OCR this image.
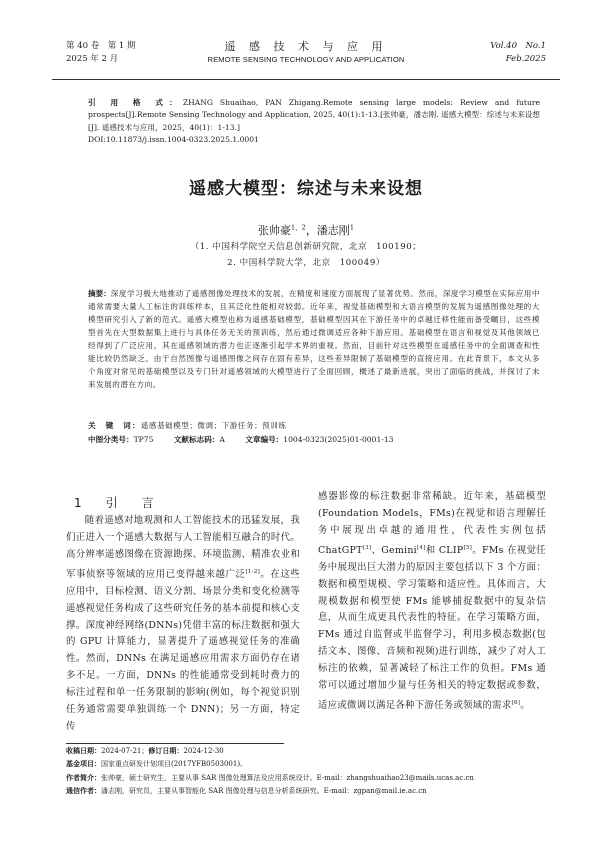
第 40 卷　第 1 期
2025 年 2 月
遥 感 技 术 与 应 用
REMOTE SENSING TECHNOLOGY AND APPLICATION
Vol.40　No.1
Feb.2025
引 用 格 式：ZHANG Shuaihao, PAN Zhigang.Remote sensing large models: Review and future prospects[J].Remote Sensing Technology and Application, 2025, 40(1):1-13.[张帅豪，潘志刚. 遥感大模型：综述与未来设想[J]. 遥感技术与应用，2025，40(1)：1-13.]
DOI:10.11873/j.issn.1004-0323.2025.1.0001
遥感大模型：综述与未来设想
张帅豪$^{1,2}$，潘志刚$^1$
（1. 中国科学院空天信息创新研究院，北京　100190；
2. 中国科学院大学，北京　100049）
摘要：深度学习极大地推动了遥感图像处理技术的发展，在精度和速度方面展现了显著优势。然而，深度学习模型在实际应用中通常需要大量人工标注的训练样本，且其泛化性能相对较弱。近年来，视觉基础模型和大语言模型的发展为遥感图像处理的大模型研究引入了新的范式。遥感大模型也称为遥感基础模型，基础模型因其在下游任务中的卓越迁移性能而备受瞩目，这些模型首先在大型数据集上进行与具体任务无关的预训练，然后通过微调适应各种下游应用。基础模型在语言和视觉及其他领域已经得到了广泛应用，其在遥感领域的潜力也正逐渐引起学术界的重视。然而，目前针对这些模型在遥感任务中的全面调查和性能比较仍然缺乏。由于自然图像与遥感图像之间存在固有差异，这些差异限制了基础模型的直接应用。在此背景下，本文从多个角度对常见的基础模型以及专门针对遥感领域的大模型进行了全面回顾，概述了最新进展，突出了面临的挑战，并探讨了未来发展的潜在方向。
关　键　词：遥感基础模型；微调；下游任务；预训练
中图分类号：TP75	文献标志码：A	文章编号：1004-0323(2025)01-0001-13
1　引　言
随着遥感对地观测和人工智能技术的迅猛发展，我们正进入一个遥感大数据与人工智能相互融合的时代。高分辨率遥感图像在资源勘探、环境监测、精准农业和军事侦察等领域的应用已变得越来越广泛[1-2]。在这些应用中，目标检测、语义分割、场景分类和变化检测等遥感视觉任务构成了这些研究任务的基本前提和核心支撑。深度神经网络(DNNs)凭借丰富的标注数据和强大的 GPU 计算能力，显著提升了遥感视觉任务的准确性。然而，DNNs 在满足遥感应用需求方面仍存在诸多不足。一方面，DNNs 的性能通常受到耗时费力的标注过程和单一任务限制的影响(例如，每个视觉识别任务通常需要单独训练一个 DNN)；另一方面，特定传
感器影像的标注数据非常稀缺。近年来，基础模型(Foundation Models，FMs)在视觉和语言理解任务中展现出卓越的通用性，代表性实例包括 ChatGPT[3]、Gemini[4]和 CLIP[5]。FMs 在视觉任务中展现出巨大潜力的原因主要包括以下 3 个方面：数据和模型规模、学习策略和适应性。具体而言，大规模数据和模型使 FMs 能够捕捉数据中的复杂信息，从而生成更具代表性的特征。在学习策略方面，FMs 通过自监督或半监督学习，利用多模态数据(包括文本、图像、音频和视频)进行训练，减少了对人工标注的依赖，显著减轻了标注工作的负担。FMs 通常可以通过增加少量与任务相关的特定数据或参数，适应或微调以满足各种下游任务或领域的需求[6]。
收稿日期：2024-07-21；修订日期：2024-12-30
基金项目：国家重点研发计划项目(2017YFB0503001)。
作者简介：张帅豪，硕士研究生，主要从事 SAR 图像处理算法及应用系统设计。E-mail：zhangshuaihao23@mails.ucas.ac.cn
通信作者：潘志刚，研究员，主要从事智能化 SAR 图像处理与信息分析系统研究。E-mail：zgpan@mail.ie.ac.cn
